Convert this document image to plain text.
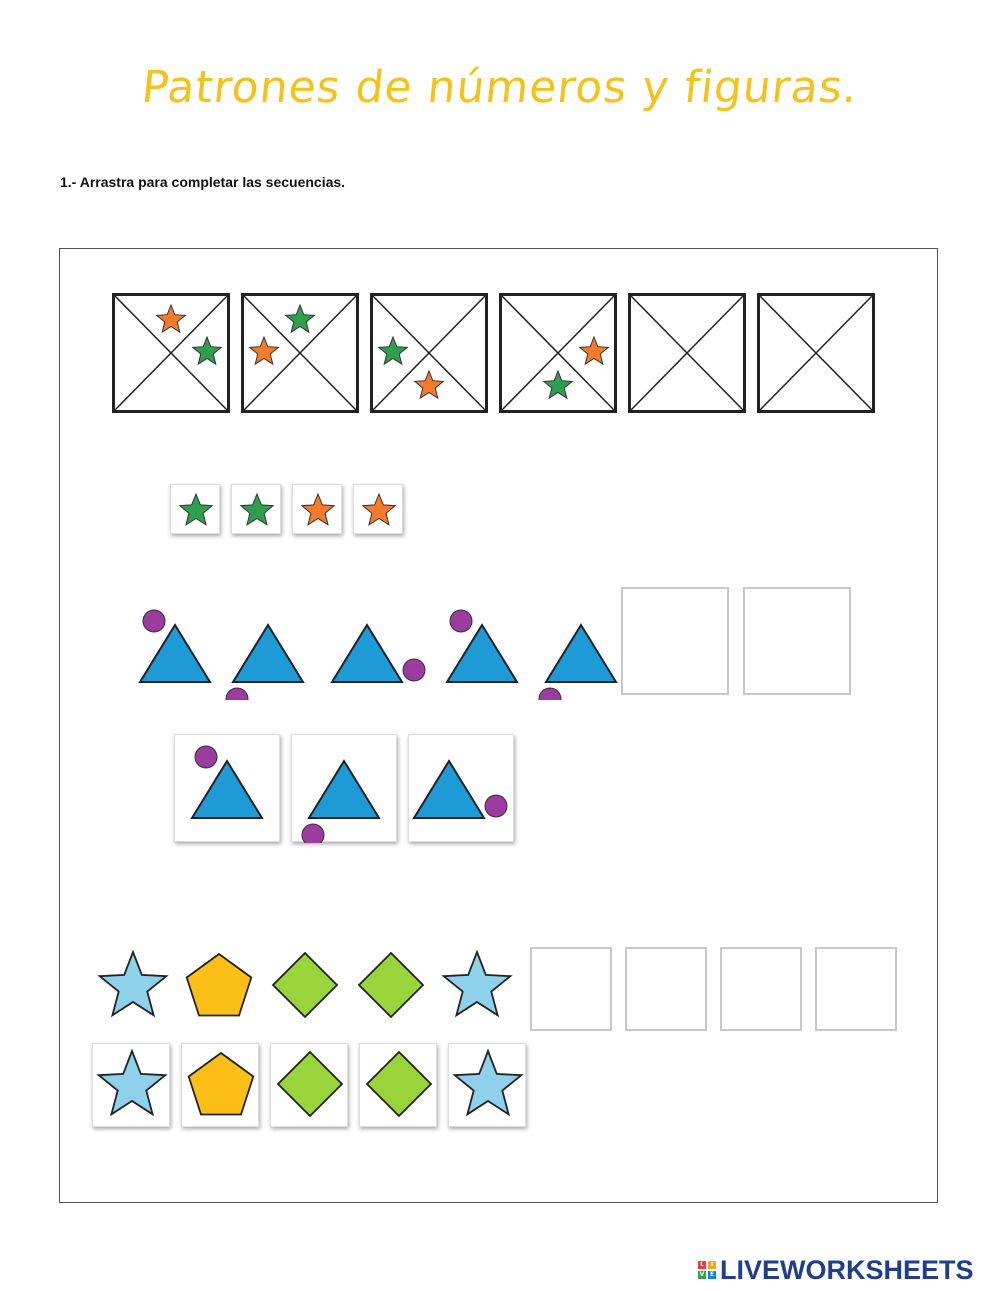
Patrones de números y figuras.

1.- Arrastra para completar las secuencias.

L	I
V E LIVEWORKSHEETS
